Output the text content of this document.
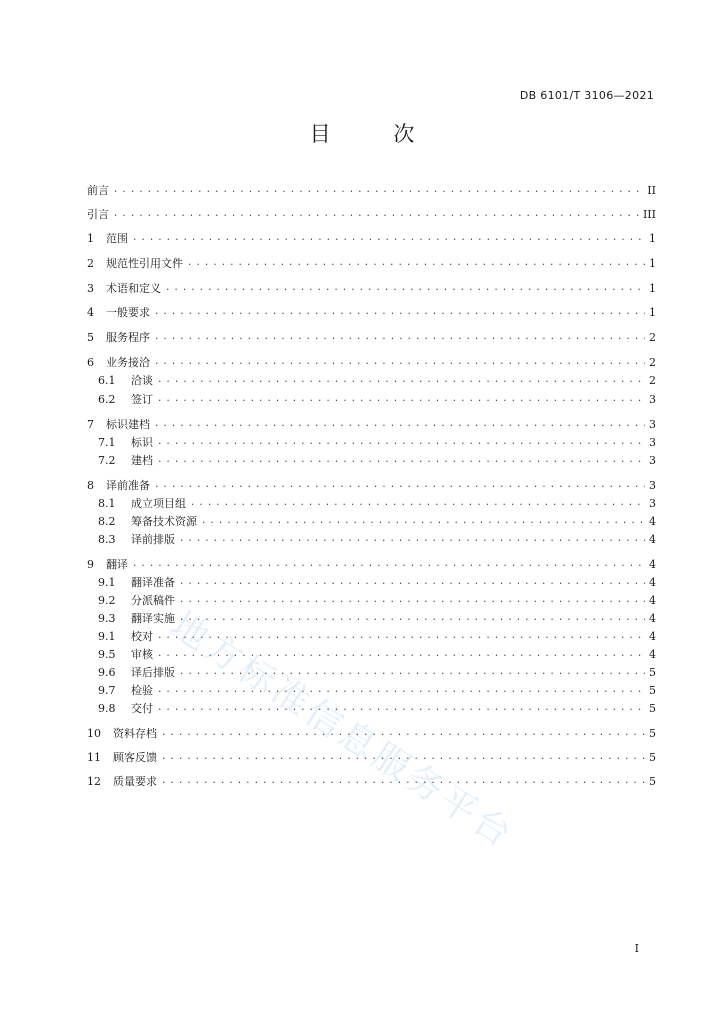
DB 6101/T 3106—2021
目 次
前言 .....	II
引言 .....	III
1	范围 .....	1
2	规范性引用文件 .....	1
3	术语和定义 .....	1
4	一般要求 .....	1
5	服务程序 .....	2
6	业务接洽 .....	2
6.1	洽谈 .....	2
6.2	签订 .....	3
7	标识建档 .....	3
7.1	标识 .....	3
7.2	建档 .....	3
8	译前准备 .....	3
8.1	成立项目组 .....	3
8.2	筹备技术资源 .....	4
8.3	译前排版 .....	4
9	翻译 .....	4
9.1	翻译准备 .....	4
9.2	分派稿件 .....	4
9.3	翻译实施 .....	4
9.1	校对 .....	4
9.5	审核 .....	4
9.6	译后排版 .....	5
9.7	检验 .....	5
9.8	交付 .....	5
10	资料存档 .....	5
11	顾客反馈 .....	5
12	质量要求 .....	5
地方标准信息服务平台
I
